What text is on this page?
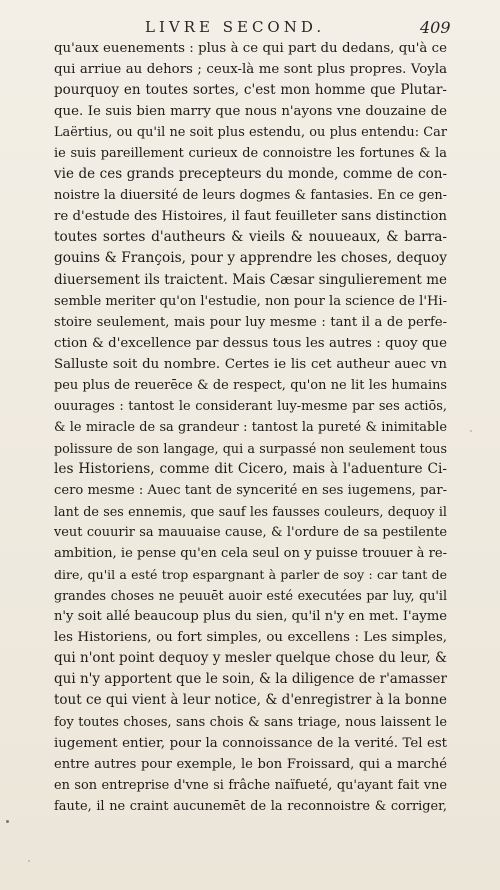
LIVRE SECOND.	409
qu'aux euenements : plus à ce qui part du dedans, qu'à ce
qui arriue au dehors ; ceux-là me sont plus propres. Voyla
pourquoy en toutes sortes, c'est mon homme que Plutar-
que. Ie suis bien marry que nous n'ayons vne douzaine de
Laërtius, ou qu'il ne soit plus estendu, ou plus entendu: Car
ie suis pareillement curieux de connoistre les fortunes & la
vie de ces grands precepteurs du monde, comme de con-
noistre la diuersité de leurs dogmes & fantasies. En ce gen-
re d'estude des Histoires, il faut feuilleter sans distinction
toutes sortes d'autheurs & vieils & nouueaux, & barra-
gouins & François, pour y apprendre les choses, dequoy
diuersement ils traictent. Mais Cæsar singulierement me
semble meriter qu'on l'estudie, non pour la science de l'Hi-
stoire seulement, mais pour luy mesme : tant il a de perfe-
ction & d'excellence par dessus tous les autres : quoy que
Salluste soit du nombre. Certes ie lis cet autheur auec vn
peu plus de reuerēce & de respect, qu'on ne lit les humains
ouurages : tantost le considerant luy-mesme par ses actiōs,
& le miracle de sa grandeur : tantost la pureté & inimitable
polissure de son langage, qui a surpassé non seulement tous
les Historiens, comme dit Cicero, mais à l'aduenture Ci-
cero mesme : Auec tant de syncerité en ses iugemens, par-
lant de ses ennemis, que sauf les fausses couleurs, dequoy il
veut couurir sa mauuaise cause, & l'ordure de sa pestilente
ambition, ie pense qu'en cela seul on y puisse trouuer à re-
dire, qu'il a esté trop espargnant à parler de soy : car tant de
grandes choses ne peuuēt auoir esté executées par luy, qu'il
n'y soit allé beaucoup plus du sien, qu'il n'y en met. I'ayme
les Historiens, ou fort simples, ou excellens : Les simples,
qui n'ont point dequoy y mesler quelque chose du leur, &
qui n'y apportent que le soin, & la diligence de r'amasser
tout ce qui vient à leur notice, & d'enregistrer à la bonne
foy toutes choses, sans chois & sans triage, nous laissent le
iugement entier, pour la connoissance de la verité. Tel est
entre autres pour exemple, le bon Froissard, qui a marché
en son entreprise d'vne si frâche naïfueté, qu'ayant fait vne
faute, il ne craint aucunemēt de la reconnoistre & corriger,
